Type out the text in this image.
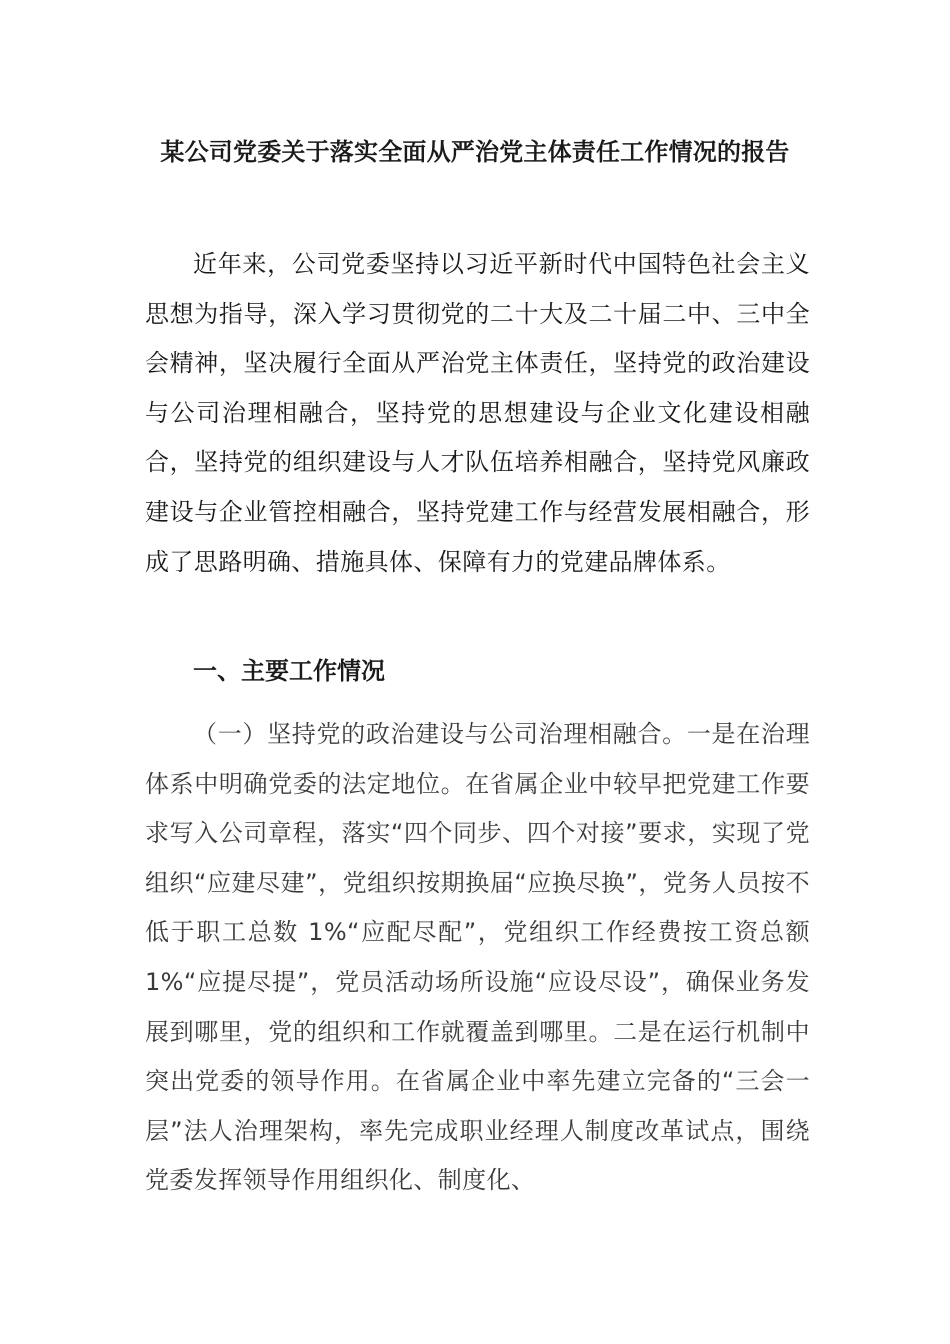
某公司党委关于落实全面从严治党主体责任工作情况的报告

近年来，公司党委坚持以习近平新时代中国特色社会主义思想为指导，深入学习贯彻党的二十大及二十届二中、三中全会精神，坚决履行全面从严治党主体责任，坚持党的政治建设与公司治理相融合，坚持党的思想建设与企业文化建设相融合，坚持党的组织建设与人才队伍培养相融合，坚持党风廉政建设与企业管控相融合，坚持党建工作与经营发展相融合，形成了思路明确、措施具体、保障有力的党建品牌体系。

一、主要工作情况

（一）坚持党的政治建设与公司治理相融合。一是在治理体系中明确党委的法定地位。在省属企业中较早把党建工作要求写入公司章程，落实“四个同步、四个对接”要求，实现了党组织“应建尽建”，党组织按期换届“应换尽换”，党务人员按不低于职工总数 1%“应配尽配”，党组织工作经费按工资总额 1%“应提尽提”，党员活动场所设施“应设尽设”，确保业务发展到哪里，党的组织和工作就覆盖到哪里。二是在运行机制中突出党委的领导作用。在省属企业中率先建立完备的“三会一层”法人治理架构，率先完成职业经理人制度改革试点，围绕党委发挥领导作用组织化、制度化、
